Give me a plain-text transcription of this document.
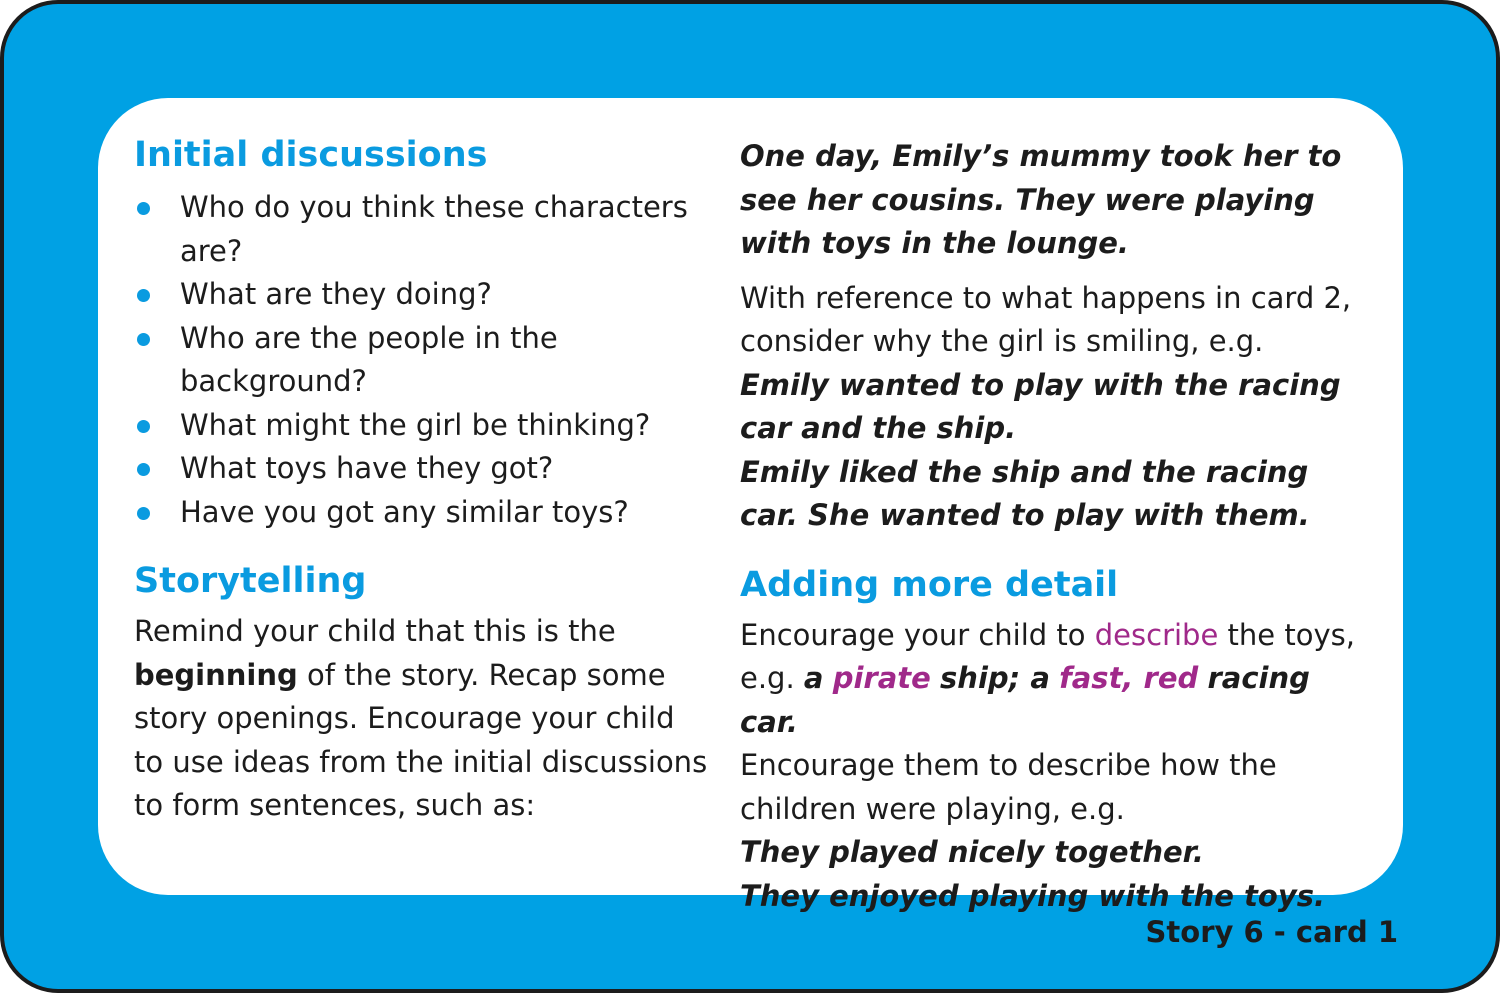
Initial discussions
Who do you think these characters are?
What are they doing?
Who are the people in the background?
What might the girl be thinking?
What toys have they got?
Have you got any similar toys?
Storytelling

Remind your child that this is the beginning of the story. Recap some story openings. Encourage your child to use ideas from the initial discussions to form sentences, such as:

One day, Emily’s mummy took her to see her cousins. They were playing with toys in the lounge.

With reference to what happens in card 2, consider why the girl is smiling, e.g.
Emily wanted to play with the racing car and the ship.
Emily liked the ship and the racing car. She wanted to play with them.

Adding more detail

Encourage your child to describe the toys,
e.g. a pirate ship; a fast, red racing car.
Encourage them to describe how the children were playing, e.g.
They played nicely together.
They enjoyed playing with the toys.

Story 6 - card 1
